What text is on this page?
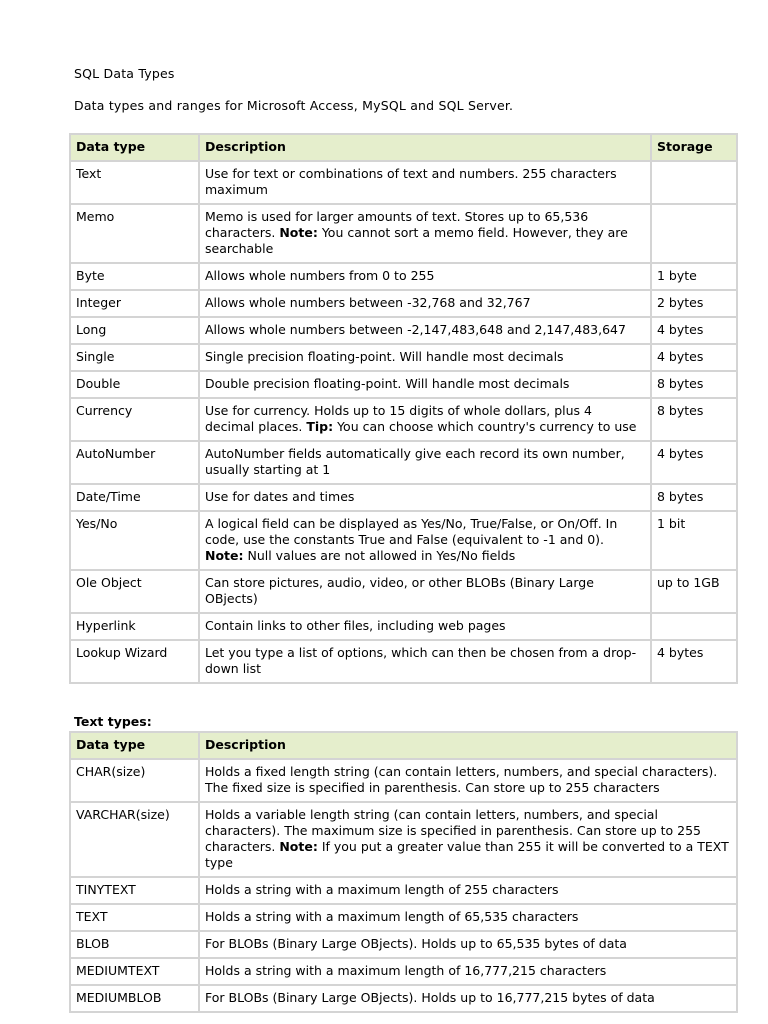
SQL Data Types
Data types and ranges for Microsoft Access, MySQL and SQL Server.
Data type	Description	Storage
Text	Use for text or combinations of text and numbers. 255 characters maximum	
Memo	Memo is used for larger amounts of text. Stores up to 65,536 characters. Note: You cannot sort a memo field. However, they are searchable	
Byte	Allows whole numbers from 0 to 255	1 byte
Integer	Allows whole numbers between -32,768 and 32,767	2 bytes
Long	Allows whole numbers between -2,147,483,648 and 2,147,483,647	4 bytes
Single	Single precision floating-point. Will handle most decimals	4 bytes
Double	Double precision floating-point. Will handle most decimals	8 bytes
Currency	Use for currency. Holds up to 15 digits of whole dollars, plus 4 decimal places. Tip: You can choose which country's currency to use	8 bytes
AutoNumber	AutoNumber fields automatically give each record its own number, usually starting at 1	4 bytes
Date/Time	Use for dates and times	8 bytes
Yes/No	A logical field can be displayed as Yes/No, True/False, or On/Off. In code, use the constants True and False (equivalent to -1 and 0). Note: Null values are not allowed in Yes/No fields	1 bit
Ole Object	Can store pictures, audio, video, or other BLOBs (Binary Large OBjects)	up to 1GB
Hyperlink	Contain links to other files, including web pages	
Lookup Wizard	Let you type a list of options, which can then be chosen from a drop-down list	4 bytes
Text types:
Data type	Description
CHAR(size)	Holds a fixed length string (can contain letters, numbers, and special characters). The fixed size is specified in parenthesis. Can store up to 255 characters
VARCHAR(size)	Holds a variable length string (can contain letters, numbers, and special characters). The maximum size is specified in parenthesis. Can store up to 255 characters. Note: If you put a greater value than 255 it will be converted to a TEXT type
TINYTEXT	Holds a string with a maximum length of 255 characters
TEXT	Holds a string with a maximum length of 65,535 characters
BLOB	For BLOBs (Binary Large OBjects). Holds up to 65,535 bytes of data
MEDIUMTEXT	Holds a string with a maximum length of 16,777,215 characters
MEDIUMBLOB	For BLOBs (Binary Large OBjects). Holds up to 16,777,215 bytes of data
